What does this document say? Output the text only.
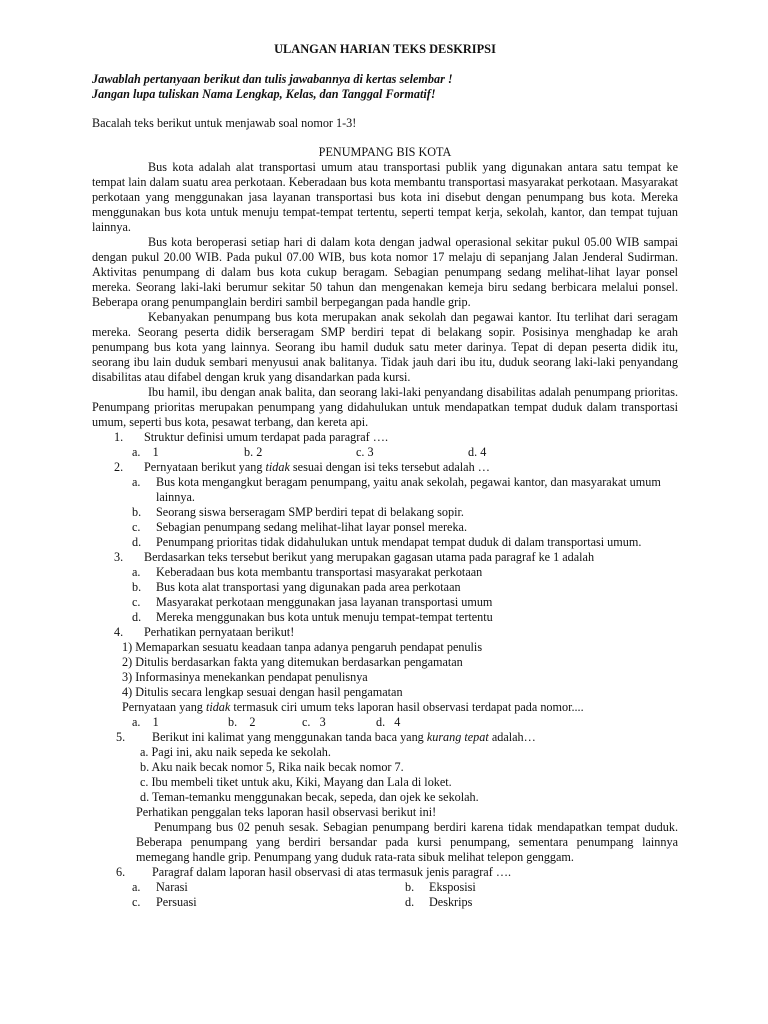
ULANGAN HARIAN TEKS DESKRIPSI
Jawablah pertanyaan berikut dan tulis jawabannya di kertas selembar !
Jangan lupa tuliskan Nama Lengkap, Kelas, dan Tanggal Formatif!
Bacalah teks berikut untuk menjawab soal nomor 1-3!
PENUMPANG BIS KOTA
Bus kota adalah alat transportasi umum atau transportasi publik yang digunakan antara satu tempat ke tempat lain dalam suatu area perkotaan. Keberadaan bus kota membantu transportasi masyarakat perkotaan. Masyarakat perkotaan yang menggunakan jasa layanan transportasi bus kota ini disebut dengan penumpang bus kota. Mereka menggunakan bus kota untuk menuju tempat-tempat tertentu, seperti tempat kerja, sekolah, kantor, dan tempat tujuan lainnya.
Bus kota beroperasi setiap hari di dalam kota dengan jadwal operasional sekitar pukul 05.00 WIB sampai dengan pukul 20.00 WIB. Pada pukul 07.00 WIB, bus kota nomor 17 melaju di sepanjang Jalan Jenderal Sudirman. Aktivitas penumpang di dalam bus kota cukup beragam. Sebagian penumpang sedang melihat-lihat layar ponsel mereka. Seorang laki-laki berumur sekitar 50 tahun dan mengenakan kemeja biru sedang berbicara melalui ponsel. Beberapa orang penumpanglain berdiri sambil berpegangan pada handle grip.
Kebanyakan penumpang bus kota merupakan anak sekolah dan pegawai kantor. Itu terlihat dari seragam mereka. Seorang peserta didik berseragam SMP berdiri tepat di belakang sopir. Posisinya menghadap ke arah penumpang bus kota yang lainnya. Seorang ibu hamil duduk satu meter darinya. Tepat di depan peserta didik itu, seorang ibu lain duduk sembari menyusui anak balitanya. Tidak jauh dari ibu itu, duduk seorang laki-laki penyandang disabilitas atau difabel dengan kruk yang disandarkan pada kursi.
Ibu hamil, ibu dengan anak balita, dan seorang laki-laki penyandang disabilitas adalah penumpang prioritas. Penumpang prioritas merupakan penumpang yang didahulukan untuk mendapatkan tempat duduk dalam transportasi umum, seperti bus kota, pesawat terbang, dan kereta api.
1.	Struktur definisi umum terdapat pada paragraf ….
a. 1	b. 2	c. 3	d. 4
2.	Pernyataan berikut yang tidak sesuai dengan isi teks tersebut adalah …
a.	Bus kota mengangkut beragam penumpang, yaitu anak sekolah, pegawai kantor, dan masyarakat umum lainnya.
b.	Seorang siswa berseragam SMP berdiri tepat di belakang sopir.
c.	Sebagian penumpang sedang melihat-lihat layar ponsel mereka.
d.	Penumpang prioritas tidak didahulukan untuk mendapat tempat duduk di dalam transportasi umum.
3.	Berdasarkan teks tersebut berikut yang merupakan gagasan utama pada paragraf ke 1 adalah
a.	Keberadaan bus kota membantu transportasi masyarakat perkotaan
b.	Bus kota alat transportasi yang digunakan pada area perkotaan
c.	Masyarakat perkotaan menggunakan jasa layanan transportasi umum
d.	Mereka menggunakan bus kota untuk menuju tempat-tempat tertentu
4.	Perhatikan pernyataan berikut!
1) Memaparkan sesuatu keadaan tanpa adanya pengaruh pendapat penulis
2) Ditulis berdasarkan fakta yang ditemukan berdasarkan pengamatan
3) Informasinya menekankan pendapat penulisnya
4) Ditulis secara lengkap sesuai dengan hasil pengamatan
Pernyataan yang tidak termasuk ciri umum teks laporan hasil observasi terdapat pada nomor....
a. 1	b. 2	c. 3	d. 4
5.	Berikut ini kalimat yang menggunakan tanda baca yang kurang tepat adalah…
a. Pagi ini, aku naik sepeda ke sekolah.
b. Aku naik becak nomor 5, Rika naik becak nomor 7.
c. Ibu membeli tiket untuk aku, Kiki, Mayang dan Lala di loket.
d. Teman-temanku menggunakan becak, sepeda, dan ojek ke sekolah.
Perhatikan penggalan teks laporan hasil observasi berikut ini!
Penumpang bus 02 penuh sesak. Sebagian penumpang berdiri karena tidak mendapatkan tempat duduk. Beberapa penumpang yang berdiri bersandar pada kursi penumpang, sementara penumpang lainnya memegang handle grip. Penumpang yang duduk rata-rata sibuk melihat telepon genggam.
6.	Paragraf dalam laporan hasil observasi di atas termasuk jenis paragraf ….
a.	Narasi	b.	Eksposisi
c.	Persuasi	d.	Deskrips
